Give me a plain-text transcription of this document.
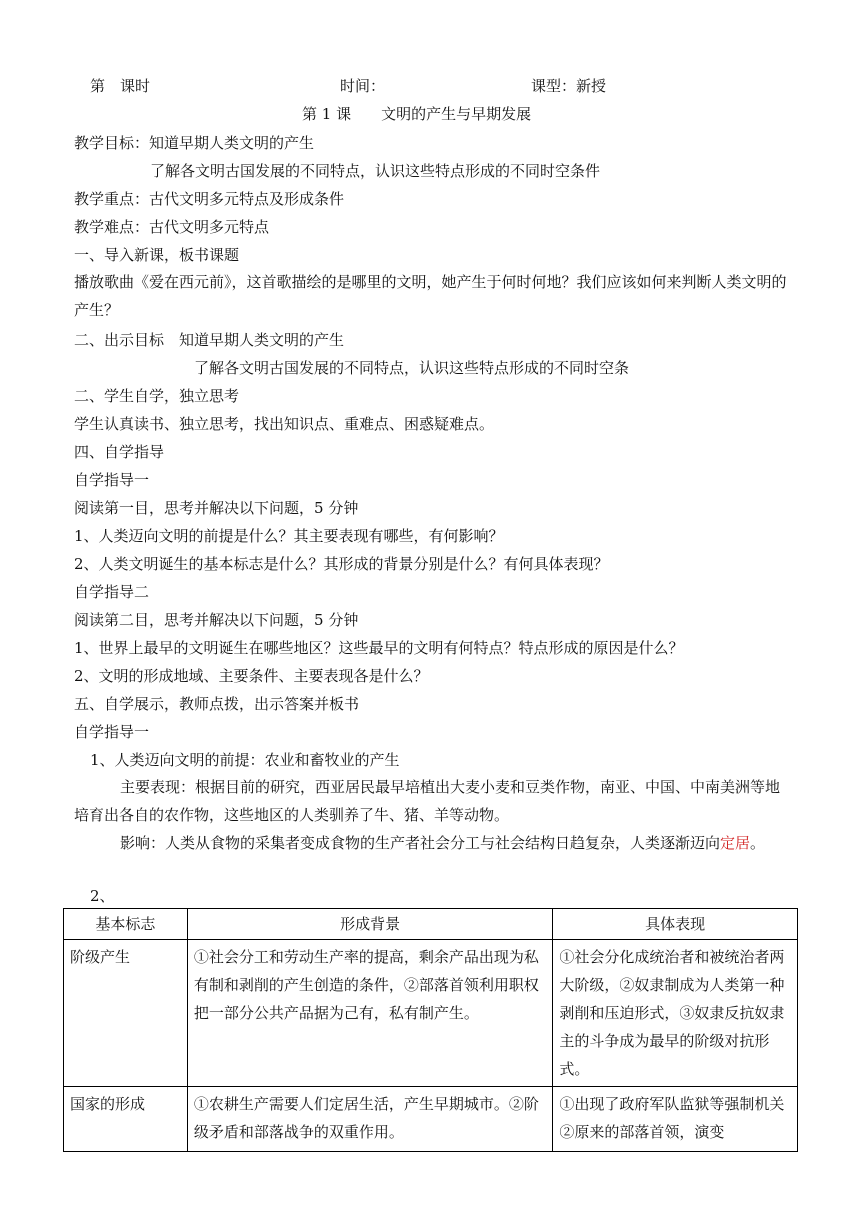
第　课时	时间：	课型：新授
第 1 课　　文明的产生与早期发展
教学目标：知道早期人类文明的产生
了解各文明古国发展的不同特点，认识这些特点形成的不同时空条件
教学重点：古代文明多元特点及形成条件
教学难点：古代文明多元特点
一、导入新课，板书课题
播放歌曲《爱在西元前》，这首歌描绘的是哪里的文明，她产生于何时何地？我们应该如何来判断人类文明的产生？
二、出示目标　知道早期人类文明的产生
了解各文明古国发展的不同特点，认识这些特点形成的不同时空条
二、学生自学，独立思考
学生认真读书、独立思考，找出知识点、重难点、困惑疑难点。
四、自学指导
自学指导一
阅读第一目，思考并解决以下问题，5 分钟
1、人类迈向文明的前提是什么？其主要表现有哪些，有何影响？
2、人类文明诞生的基本标志是什么？其形成的背景分别是什么？有何具体表现？
自学指导二
阅读第二目，思考并解决以下问题，5 分钟
1、世界上最早的文明诞生在哪些地区？这些最早的文明有何特点？特点形成的原因是什么？
2、文明的形成地域、主要条件、主要表现各是什么？
五、自学展示，教师点拨，出示答案并板书
自学指导一
1、人类迈向文明的前提：农业和畜牧业的产生
主要表现：根据目前的研究，西亚居民最早培植出大麦小麦和豆类作物，南亚、中国、中南美洲等地培育出各自的农作物，这些地区的人类驯养了牛、猪、羊等动物。
影响：人类从食物的采集者变成食物的生产者社会分工与社会结构日趋复杂，人类逐渐迈向定居。
2、
基本标志	形成背景	具体表现
阶级产生	①社会分工和劳动生产率的提高，剩余产品出现为私有制和剥削的产生创造的条件，②部落首领利用职权把一部分公共产品据为己有，私有制产生。	①社会分化成统治者和被统治者两大阶级，②奴隶制成为人类第一种剥削和压迫形式，③奴隶反抗奴隶主的斗争成为最早的阶级对抗形式。
国家的形成	①农耕生产需要人们定居生活，产生早期城市。②阶级矛盾和部落战争的双重作用。	①出现了政府军队监狱等强制机关②原来的部落首领，演变
